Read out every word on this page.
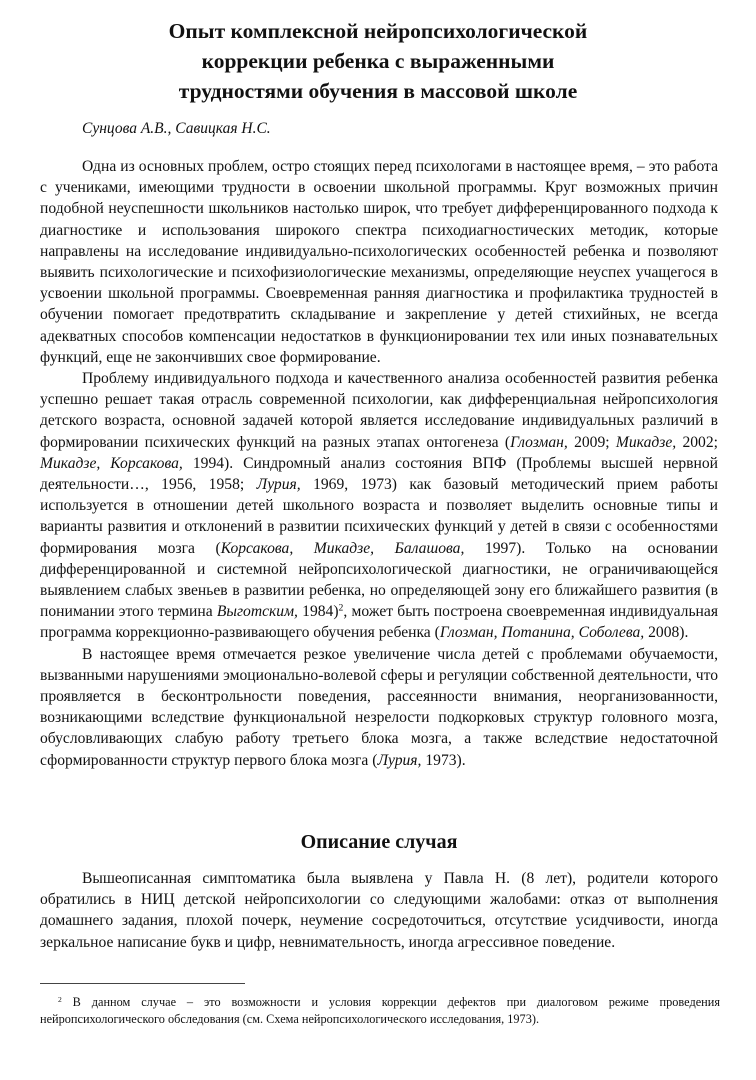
Опыт комплексной нейропсихологической
коррекции ребенка с выраженными
трудностями обучения в массовой школе

Сунцова А.В., Савицкая Н.С.

Одна из основных проблем, остро стоящих перед психологами в настоящее время, – это работа с учениками, имеющими трудности в освоении школьной программы. Круг возможных причин подобной неуспешности школьников настолько широк, что требует дифференцированного подхода к диагностике и использования широкого спектра психодиагностических методик, которые направлены на исследование индивидуально-психологических особенностей ребенка и позволяют выявить психологические и психофизиологические механизмы, определяющие неуспех учащегося в усвоении школьной программы. Своевременная ранняя диагностика и профилактика трудностей в обучении помогает предотвратить складывание и закрепление у детей стихийных, не всегда адекватных способов компенсации недостатков в функционировании тех или иных познавательных функций, еще не закончивших свое формирование.

Проблему индивидуального подхода и качественного анализа особенностей развития ребенка успешно решает такая отрасль современной психологии, как дифференциальная нейропсихология детского возраста, основной задачей которой является исследование индивидуальных различий в формировании психических функций на разных этапах онтогенеза (Глозман, 2009; Микадзе, 2002; Микадзе, Корсакова, 1994). Синдромный анализ состояния ВПФ (Проблемы высшей нервной деятельности…, 1956, 1958; Лурия, 1969, 1973) как базовый методический прием работы используется в отношении детей школьного возраста и позволяет выделить основные типы и варианты развития и отклонений в развитии психических функций у детей в связи с особенностями формирования мозга (Корсакова, Микадзе, Балашова, 1997). Только на основании дифференцированной и системной нейропсихологической диагностики, не ограничивающейся выявлением слабых звеньев в развитии ребенка, но определяющей зону его ближайшего развития (в понимании этого термина Выготским, 1984)$^2$, может быть построена своевременная индивидуальная программа коррекционно-развивающего обучения ребенка (Глозман, Потанина, Соболева, 2008).

В настоящее время отмечается резкое увеличение числа детей с проблемами обучаемости, вызванными нарушениями эмоционально-волевой сферы и регуляции собственной деятельности, что проявляется в бесконтрольности поведения, рассеянности внимания, неорганизованности, возникающими вследствие функциональной незрелости подкорковых структур головного мозга, обусловливающих слабую работу третьего блока мозга, а также вследствие недостаточной сформированности структур первого блока мозга (Лурия, 1973).

Описание случая

Вышеописанная симптоматика была выявлена у Павла Н. (8 лет), родители которого обратились в НИЦ детской нейропсихологии со следующими жалобами: отказ от выполнения домашнего задания, плохой почерк, неумение сосредоточиться, отсутствие усидчивости, иногда зеркальное написание букв и цифр, невнимательность, иногда агрессивное поведение.

$^2$ В данном случае – это возможности и условия коррекции дефектов при диалоговом режиме проведения нейропсихологического обследования (см. Схема нейропсихологического исследования, 1973).
